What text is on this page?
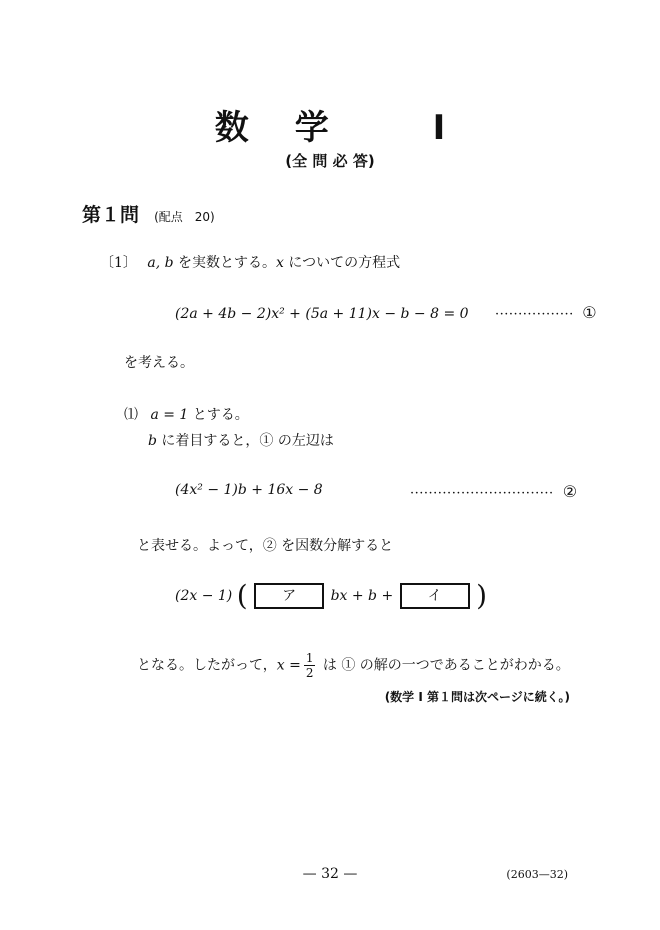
数学 I
(全 問 必 答)
第１問 (配点　20)
〔1〕 a, b を実数とする。x についての方程式
(2a + 4b − 2)x² + (5a + 11)x − b − 8 = 0 ················· ①
を考える。
⑴ a = 1 とする。
b に着目すると，① の左辺は
(4x² − 1)b + 16x − 8	······························· ②
と表せる。よって，② を因数分解すると
(2x − 1) ( ア bx + b + イ )
となる。したがって，$x = \frac{1}{2}$ は ① の解の一つであることがわかる。
(数学 I 第１問は次ページに続く。)
— 32 —	(2603—32)
